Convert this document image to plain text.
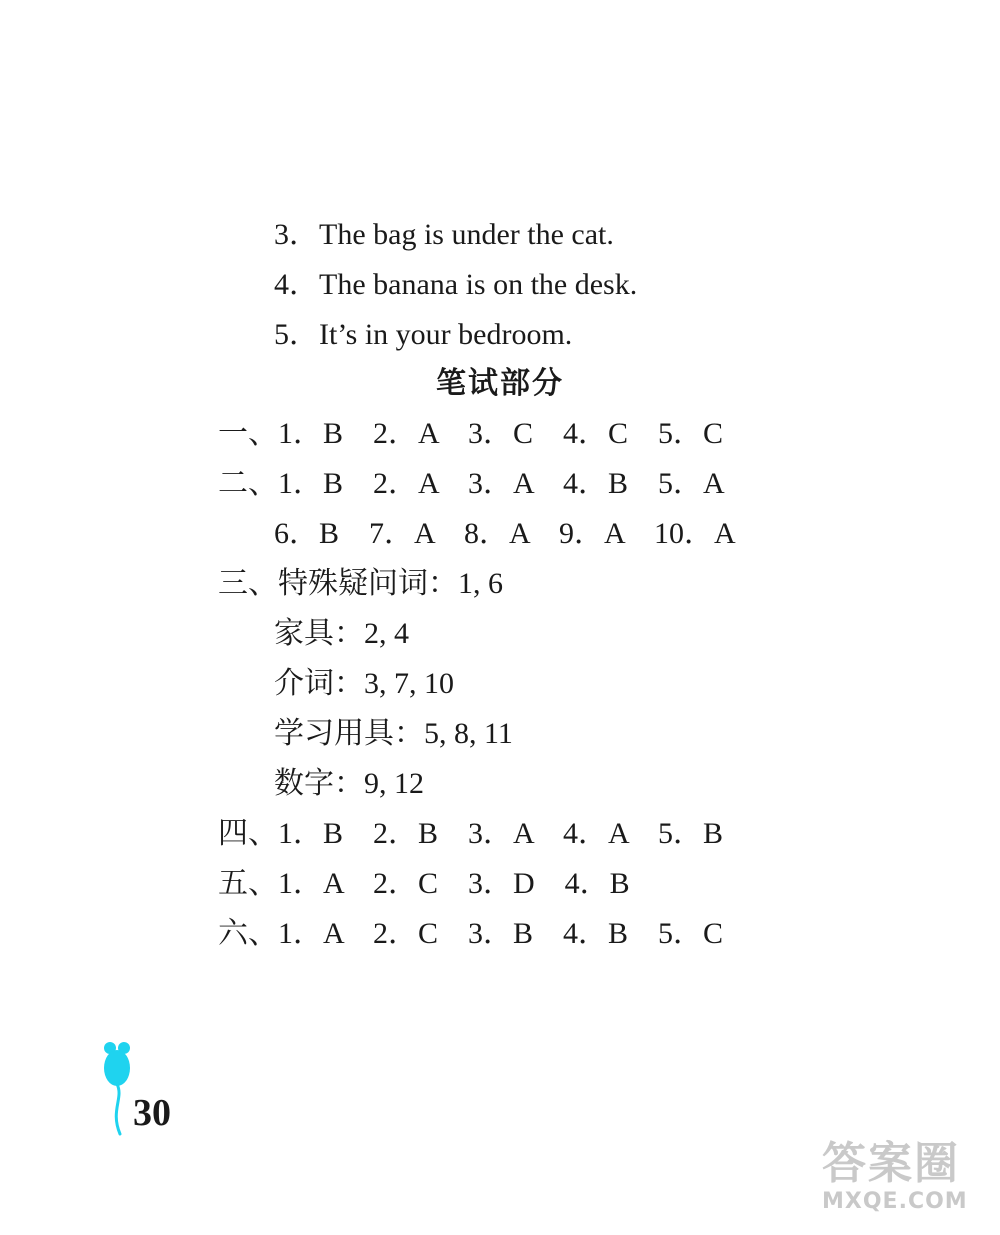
3．The bag is under the cat.
4．The banana is on the desk.
5．It’s in your bedroom.
笔试部分
一、1．B    2．A    3．C    4．C    5．C
二、1．B    2．A    3．A    4．B    5．A
6．B    7．A    8．A    9．A    10．A
三、特殊疑问词：1, 6
家具：2, 4
介词：3, 7, 10
学习用具：5, 8, 11
数字：9, 12
四、1．B    2．B    3．A    4．A    5．B
五、1．A    2．C    3．D    4．B
六、1．A    2．C    3．B    4．B    5．C
30
答案圈
MXQE.COM
